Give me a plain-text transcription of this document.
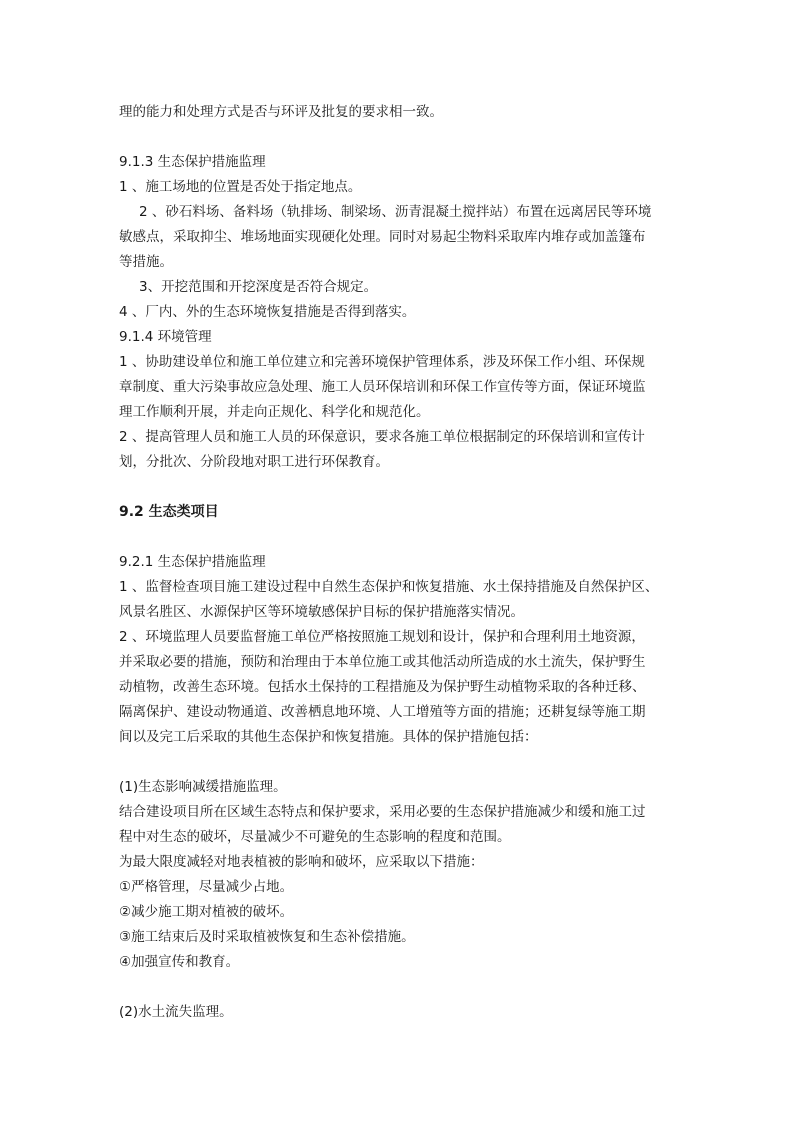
理的能力和处理方式是否与环评及批复的要求相一致。
9.1.3 生态保护措施监理
1 、施工场地的位置是否处于指定地点。
2 、砂石料场、备料场（轨排场、制梁场、沥青混凝土搅拌站）布置在远离居民等环境
敏感点，采取抑尘、堆场地面实现硬化处理。同时对易起尘物料采取库内堆存或加盖篷布
等措施。
3、开挖范围和开挖深度是否符合规定。
4 、厂内、外的生态环境恢复措施是否得到落实。
9.1.4 环境管理
1 、协助建设单位和施工单位建立和完善环境保护管理体系，涉及环保工作小组、环保规
章制度、重大污染事故应急处理、施工人员环保培训和环保工作宣传等方面，保证环境监
理工作顺利开展，并走向正规化、科学化和规范化。
2 、提高管理人员和施工人员的环保意识，要求各施工单位根据制定的环保培训和宣传计
划，分批次、分阶段地对职工进行环保教育。
9.2 生态类项目
9.2.1 生态保护措施监理
1 、监督检查项目施工建设过程中自然生态保护和恢复措施、水土保持措施及自然保护区、
风景名胜区、水源保护区等环境敏感保护目标的保护措施落实情况。
2 、环境监理人员要监督施工单位严格按照施工规划和设计，保护和合理利用土地资源，
并采取必要的措施，预防和治理由于本单位施工或其他活动所造成的水土流失，保护野生
动植物，改善生态环境。包括水土保持的工程措施及为保护野生动植物采取的各种迁移、
隔离保护、建设动物通道、改善栖息地环境、人工增殖等方面的措施；还耕复绿等施工期
间以及完工后采取的其他生态保护和恢复措施。具体的保护措施包括：
(1)生态影响减缓措施监理。
结合建设项目所在区域生态特点和保护要求，采用必要的生态保护措施减少和缓和施工过
程中对生态的破坏，尽量减少不可避免的生态影响的程度和范围。
为最大限度减轻对地表植被的影响和破坏，应采取以下措施：
①严格管理，尽量减少占地。
②减少施工期对植被的破坏。
③施工结束后及时采取植被恢复和生态补偿措施。
④加强宣传和教育。
(2)水土流失监理。
